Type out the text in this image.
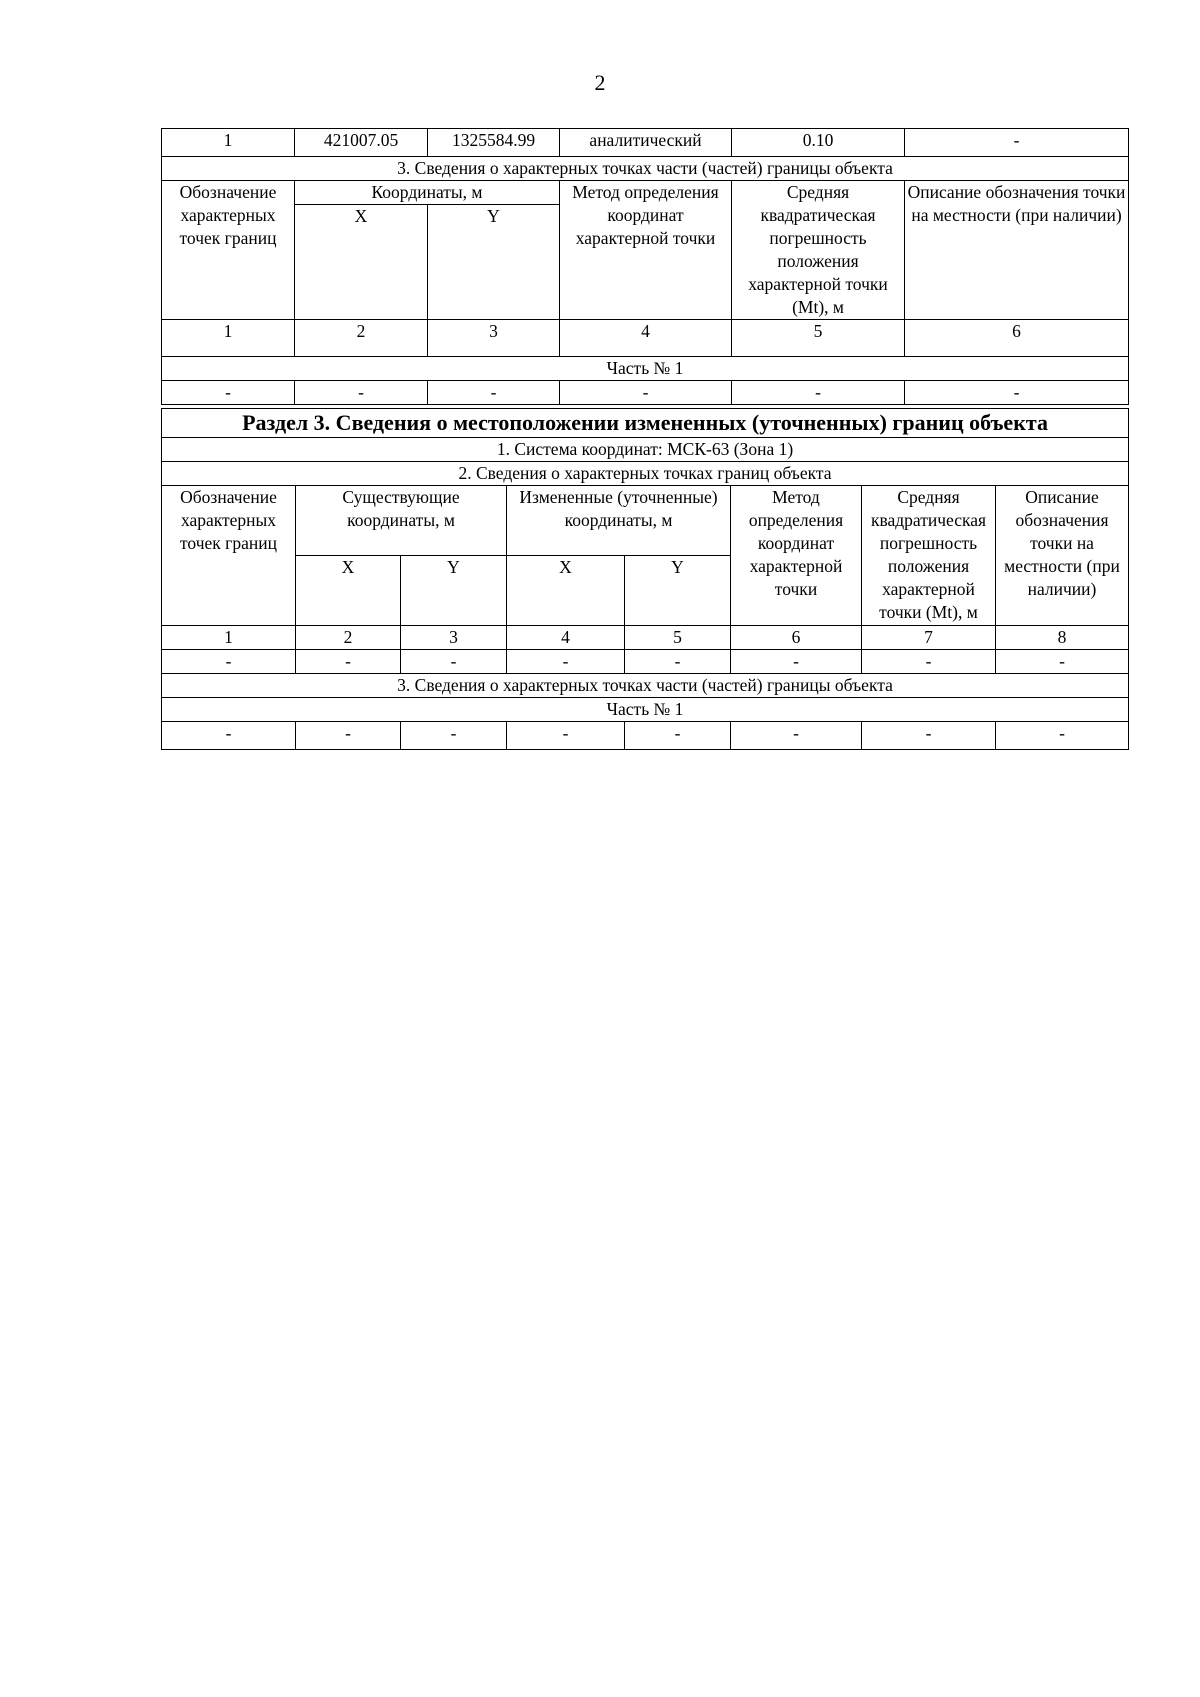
2
1	421007.05	1325584.99	аналитический	0.10	-
3. Сведения о характерных точках части (частей) границы объекта					
Обозначение характерных точек границ	Координаты, м		Метод определения координат характерной точки	Средняя квадратическая погрешность положения характерной точки (Mt), м	Описание обозначения точки на местности (при наличии)
	X	Y			
1	2	3	4	5	6
Часть № 1					
-	-	-	-	-	-
Раздел 3. Сведения о местоположении измененных (уточненных) границ объекта							
1. Система координат: МСК-63 (Зона 1)							
2. Сведения о характерных точках границ объекта							
Обозначение характерных точек границ	Существующие координаты, м		Измененные (уточненные) координаты, м		Метод определения координат характерной точки	Средняя квадратическая погрешность положения характерной точки (Mt), м	Описание обозначения точки на местности (при наличии)
	X	Y	X	Y			
1	2	3	4	5	6	7	8
-	-	-	-	-	-	-	-
3. Сведения о характерных точках части (частей) границы объекта							
Часть № 1							
-	-	-	-	-	-	-	-
